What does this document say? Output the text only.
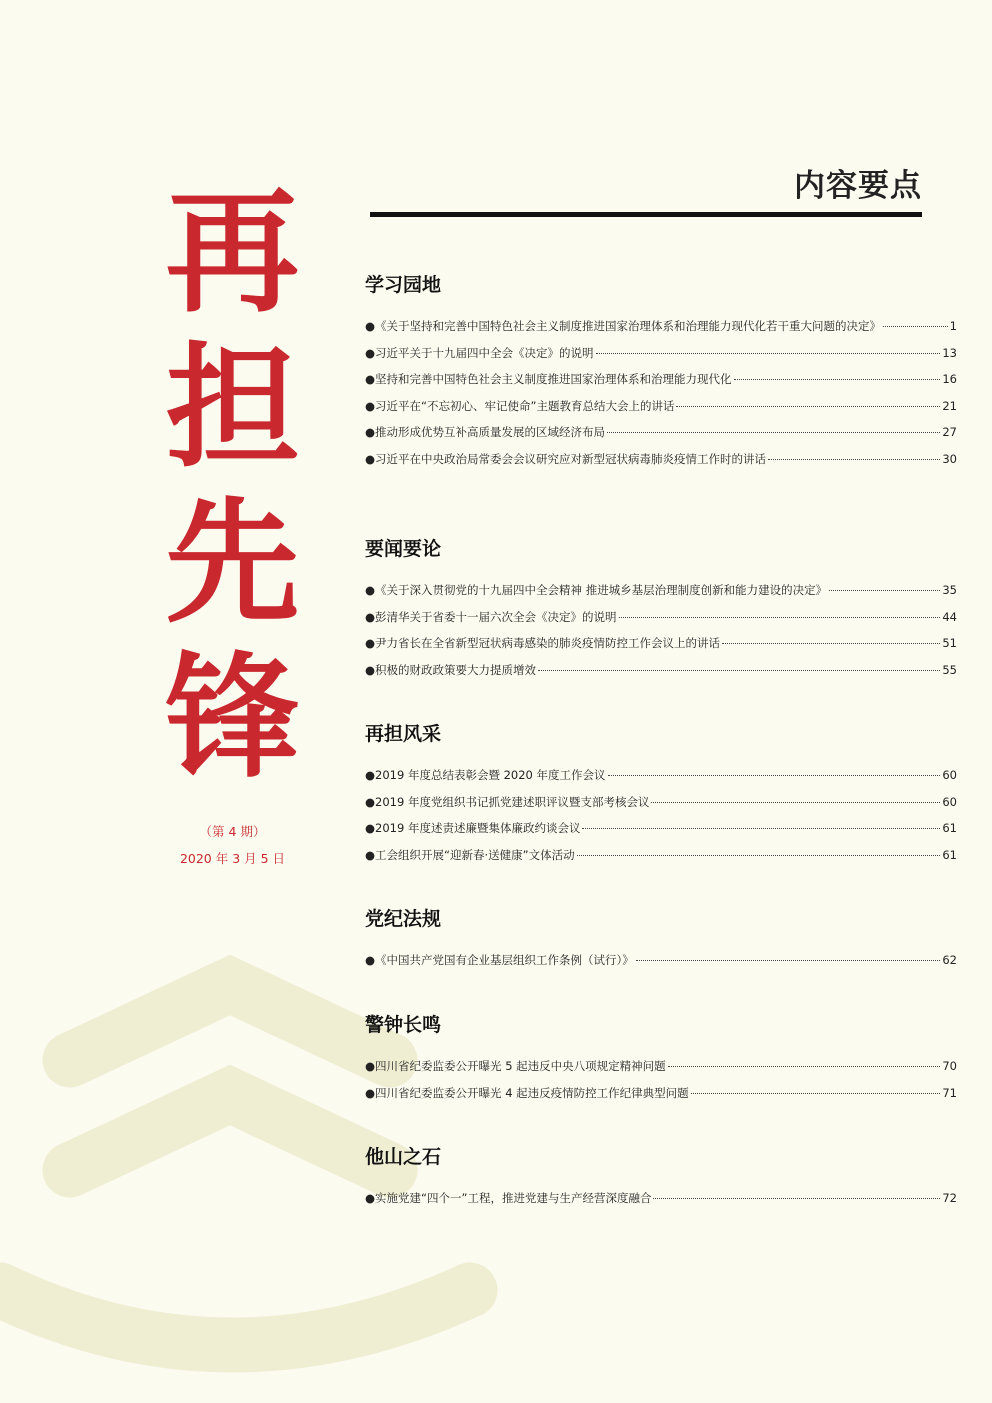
再
担
先
锋
（第 4 期）
2020 年 3 月 5 日
内容要点
学习园地
●《关于坚持和完善中国特色社会主义制度推进国家治理体系和治理能力现代化若干重大问题的决定》	1
●习近平关于十九届四中全会《决定》的说明	13
●坚持和完善中国特色社会主义制度推进国家治理体系和治理能力现代化	16
●习近平在“不忘初心、牢记使命”主题教育总结大会上的讲话	21
●推动形成优势互补高质量发展的区域经济布局	27
●习近平在中央政治局常委会会议研究应对新型冠状病毒肺炎疫情工作时的讲话	30
要闻要论
●《关于深入贯彻党的十九届四中全会精神 推进城乡基层治理制度创新和能力建设的决定》	35
●彭清华关于省委十一届六次全会《决定》的说明	44
●尹力省长在全省新型冠状病毒感染的肺炎疫情防控工作会议上的讲话	51
●积极的财政政策要大力提质增效	55
再担风采
●2019 年度总结表彰会暨 2020 年度工作会议	60
●2019 年度党组织书记抓党建述职评议暨支部考核会议	60
●2019 年度述责述廉暨集体廉政约谈会议	61
●工会组织开展“迎新春·送健康”文体活动	61
党纪法规
●《中国共产党国有企业基层组织工作条例（试行）》	62
警钟长鸣
●四川省纪委监委公开曝光 5 起违反中央八项规定精神问题	70
●四川省纪委监委公开曝光 4 起违反疫情防控工作纪律典型问题	71
他山之石
●实施党建“四个一”工程，推进党建与生产经营深度融合	72
